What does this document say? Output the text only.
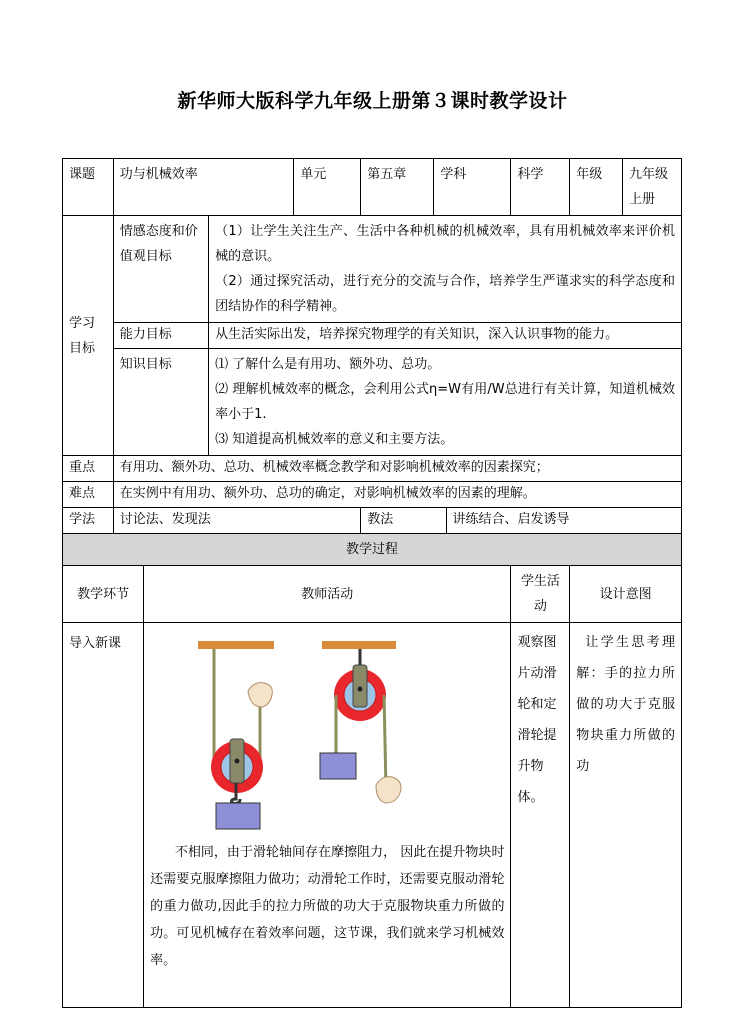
新华师大版科学九年级上册第３课时教学设计
课题	功与机械效率			单元	第五章	学科		科学	年级	九年级上册
学习目标	情感态度和价值观目标		（1）让学生关注生产、生活中各种机械的机械效率，具有用机械效率来评价机械的意识。
（2）通过探究活动，进行充分的交流与合作，培养学生严谨求实的科学态度和团结协作的科学精神。							

	能力目标		从生活实际出发，培养探究物理学的有关知识，深入认识事物的能力。							
	知识目标		⑴ 了解什么是有用功、额外功、总功。
⑵ 理解机械效率的概念，会利用公式η=W有用/W总进行有关计算，知道机械效率小于1.
⑶ 知道提高机械效率的意义和主要方法。							

重点	有用功、额外功、总功、机械效率概念教学和对影响机械效率的因素探究；									
难点	在实例中有用功、额外功、总功的确定，对影响机械效率的因素的理解。									
学法	讨论法、发现法				教法		讲练结合、启发诱导			
教学过程										
教学环节		教师活动						学生活动	设计意图	
导入新课		不相同，由于滑轮轴间存在摩擦阻力， 因此在提升物块时还需要克服摩擦阻力做功；动滑轮工作时，还需要克服动滑轮的重力做功,因此手的拉力所做的功大于克服物块重力所做的功。可见机械存在着效率问题，这节课，我们就来学习机械效率。						观察图片动滑轮和定滑轮提升物体。	让学生思考理解：手的拉力所做的功大于克服物块重力所做的功	
